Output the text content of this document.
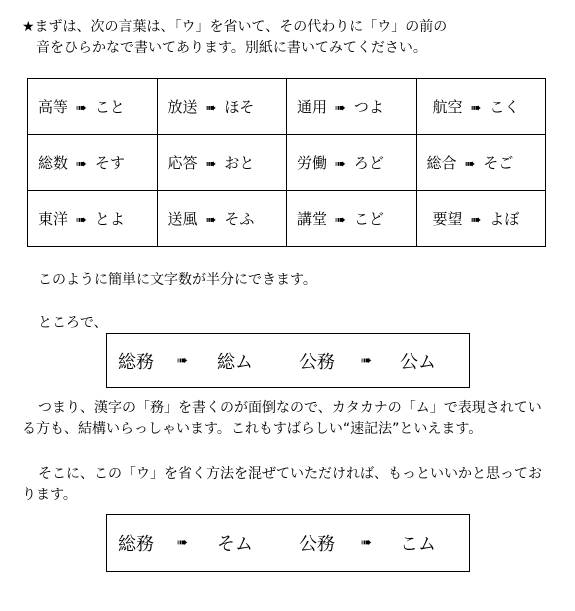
★まずは、次の言葉は、「ウ」を省いて、その代わりに「ウ」の前の
音をひらかなで書いてあります。別紙に書いてみてください。

高等 ➠ こと	放送 ➠ ほそ	通用 ➠ つよ	航空 ➠ こく
総数 ➠ そす	応答 ➠ おと	労働 ➠ ろど	総合 ➠ そご
東洋 ➠ とよ	送風 ➠ そふ	講堂 ➠ こど	要望 ➠ よぼ

このように簡単に文字数が半分にできます。

ところで、

総務 ➠ 総ム	公務 ➠ 公ム

つまり、漢字の「務」を書くのが面倒なので、カタカナの「ム」で表現されている方も、結構いらっしゃいます。これもすばらしい“速記法”といえます。

そこに、この「ウ」を省く方法を混ぜていただければ、もっといいかと思っております。

総務 ➠ そム	公務 ➠ こム
